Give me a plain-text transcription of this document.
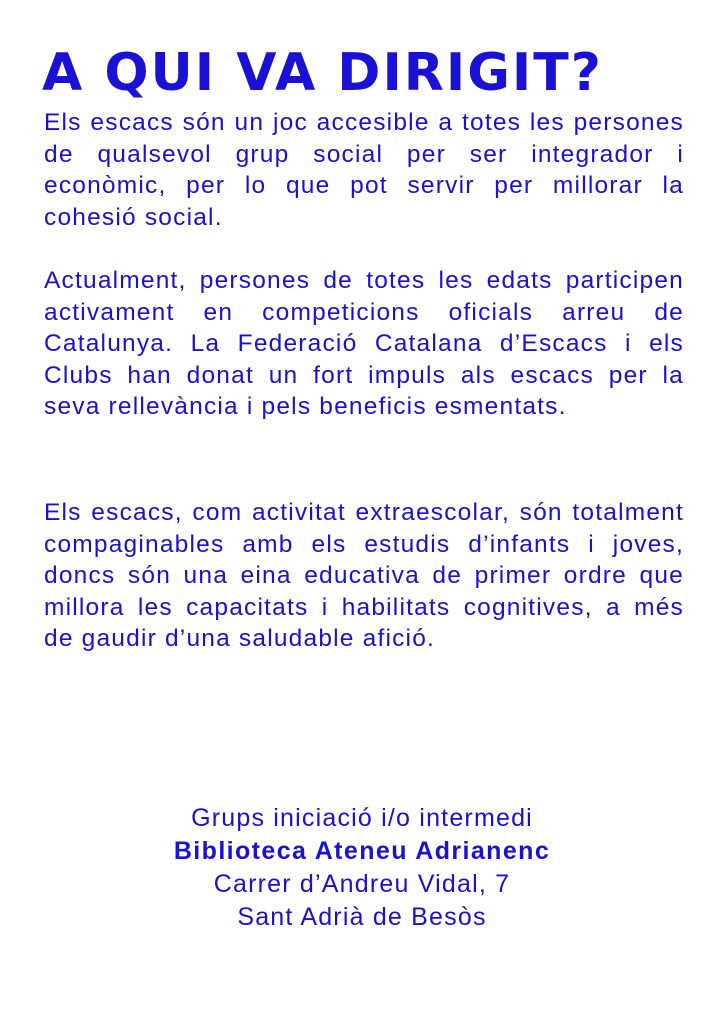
A QUI VA DIRIGIT?

Els escacs són un joc accesible a totes les persones de qualsevol grup social per ser integrador i econòmic, per lo que pot servir per millorar la cohesió social.

Actualment, persones de totes les edats participen activament en competicions oficials arreu de Catalunya. La Federació Catalana d’Escacs i els Clubs han donat un fort impuls als escacs per la seva rellevància i pels beneficis esmentats.

Els escacs, com activitat extraescolar, són totalment compaginables amb els estudis d’infants i joves, doncs són una eina educativa de primer ordre que millora les capacitats i habilitats cognitives, a més de gaudir d’una saludable afició.

Grups iniciació i/o intermedi
Biblioteca Ateneu Adrianenc
Carrer d’Andreu Vidal, 7
Sant Adrià de Besòs
